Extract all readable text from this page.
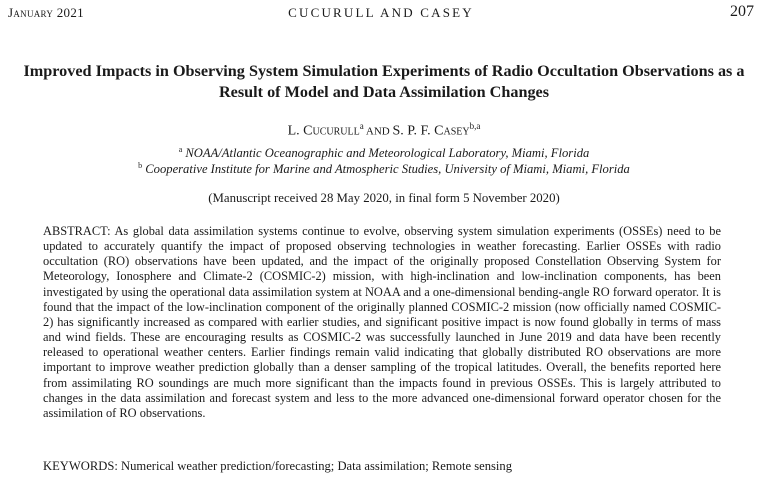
January 2021	CUCURULL AND CASEY	207
Improved Impacts in Observing System Simulation Experiments of Radio Occultation Observations as a Result of Model and Data Assimilation Changes
L. Cucurull$^a$ AND S. P. F. Casey$^{b,a}$
$^a$ NOAA/Atlantic Oceanographic and Meteorological Laboratory, Miami, Florida
$^b$ Cooperative Institute for Marine and Atmospheric Studies, University of Miami, Miami, Florida
(Manuscript received 28 May 2020, in final form 5 November 2020)

ABSTRACT: As global data assimilation systems continue to evolve, observing system simulation experiments (OSSEs) need to be updated to accurately quantify the impact of proposed observing technologies in weather forecasting. Earlier OSSEs with radio occultation (RO) observations have been updated, and the impact of the originally proposed Constellation Observing System for Meteorology, Ionosphere and Climate-2 (COSMIC-2) mission, with high-inclination and low-inclination components, has been investigated by using the operational data assimilation system at NOAA and a one-dimensional bending-angle RO forward operator. It is found that the impact of the low-inclination component of the originally planned COSMIC-2 mission (now officially named COSMIC-2) has significantly increased as compared with earlier studies, and significant positive impact is now found globally in terms of mass and wind fields. These are encouraging results as COSMIC-2 was successfully launched in June 2019 and data have been recently released to operational weather centers. Earlier findings remain valid indicating that globally distributed RO observations are more important to improve weather prediction globally than a denser sampling of the tropical latitudes. Overall, the benefits reported here from assimilating RO soundings are much more significant than the impacts found in previous OSSEs. This is largely attributed to changes in the data assimilation and forecast system and less to the more advanced one-dimensional forward operator chosen for the assimilation of RO observations.

KEYWORDS: Numerical weather prediction/forecasting; Data assimilation; Remote sensing
